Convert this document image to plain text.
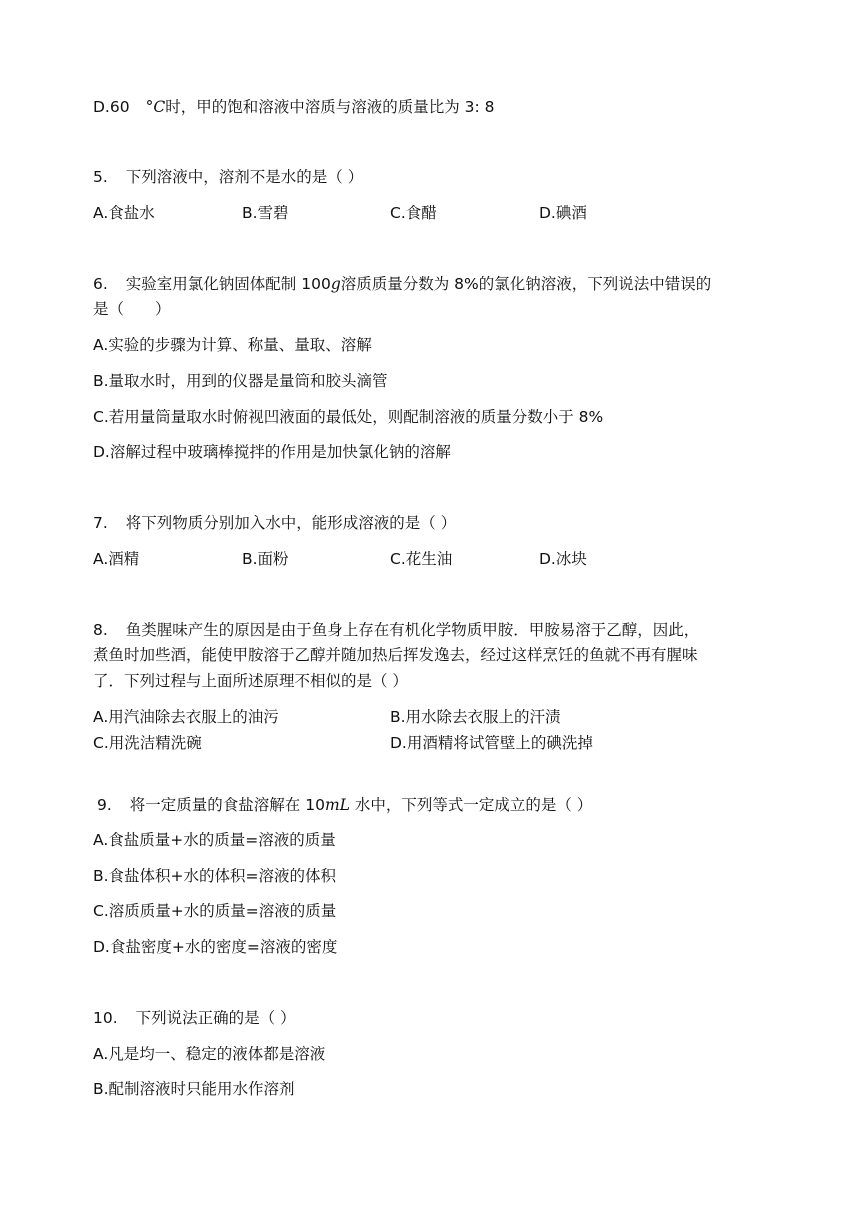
D.60 °C时，甲的饱和溶液中溶质与溶液的质量比为 3: 8
5. 下列溶液中，溶剂不是水的是（ ）
A.食盐水	B.雪碧	C.食醋	D.碘酒
6. 实验室用氯化钠固体配制 100g溶质质量分数为 8%的氯化钠溶液，下列说法中错误的
是（　　）
A.实验的步骤为计算、称量、量取、溶解
B.量取水时，用到的仪器是量筒和胶头滴管
C.若用量筒量取水时俯视凹液面的最低处，则配制溶液的质量分数小于 8%
D.溶解过程中玻璃棒搅拌的作用是加快氯化钠的溶解
7. 将下列物质分别加入水中，能形成溶液的是（ ）
A.酒精	B.面粉	C.花生油	D.冰块
8. 鱼类腥味产生的原因是由于鱼身上存在有机化学物质甲胺．甲胺易溶于乙醇，因此，
煮鱼时加些酒，能使甲胺溶于乙醇并随加热后挥发逸去，经过这样烹饪的鱼就不再有腥味
了．下列过程与上面所述原理不相似的是（ ）
A.用汽油除去衣服上的油污	B.用水除去衣服上的汗渍
C.用洗洁精洗碗	D.用酒精将试管壁上的碘洗掉
9. 将一定质量的食盐溶解在 10mL 水中，下列等式一定成立的是（ ）
A.食盐质量+水的质量=溶液的质量
B.食盐体积+水的体积=溶液的体积
C.溶质质量+水的质量=溶液的质量
D.食盐密度+水的密度=溶液的密度
10. 下列说法正确的是（ ）
A.凡是均一、稳定的液体都是溶液
B.配制溶液时只能用水作溶剂
